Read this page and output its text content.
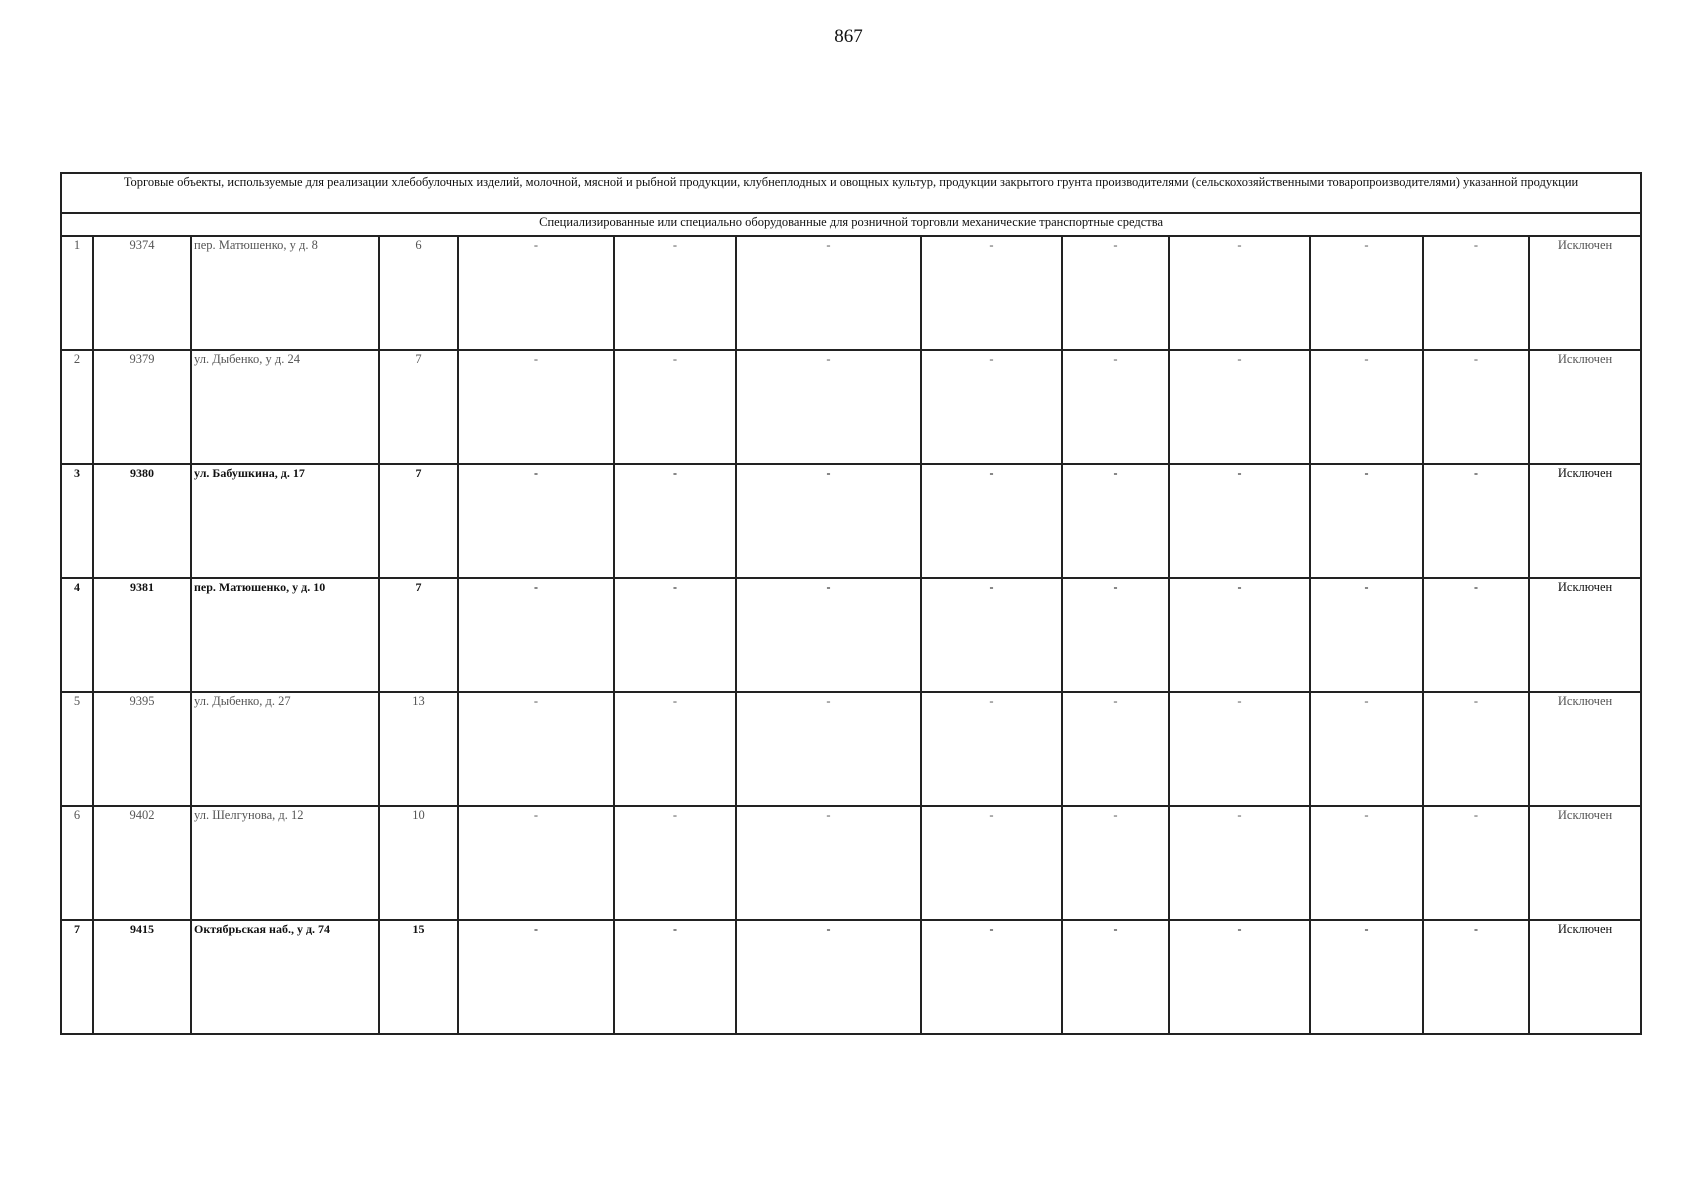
867
Торговые объекты, используемые для реализации хлебобулочных изделий, молочной, мясной и рыбной продукции, клубнеплодных и овощных культур, продукции закрытого грунта производителями (сельскохозяйственными товаропроизводителями) указанной продукции												
Специализированные или специально оборудованные для розничной торговли механические транспортные средства												
1	9374	пер. Матюшенко, у д. 8	6	-	-	-	-	-	-	-	-	Исключен
2	9379	ул. Дыбенко, у д. 24	7	-	-	-	-	-	-	-	-	Исключен
3	9380	ул. Бабушкина, д. 17	7	-	-	-	-	-	-	-	-	Исключен
4	9381	пер. Матюшенко, у д. 10	7	-	-	-	-	-	-	-	-	Исключен
5	9395	ул. Дыбенко, д. 27	13	-	-	-	-	-	-	-	-	Исключен
6	9402	ул. Шелгунова, д. 12	10	-	-	-	-	-	-	-	-	Исключен
7	9415	Октябрьская наб., у д. 74	15	-	-	-	-	-	-	-	-	Исключен
